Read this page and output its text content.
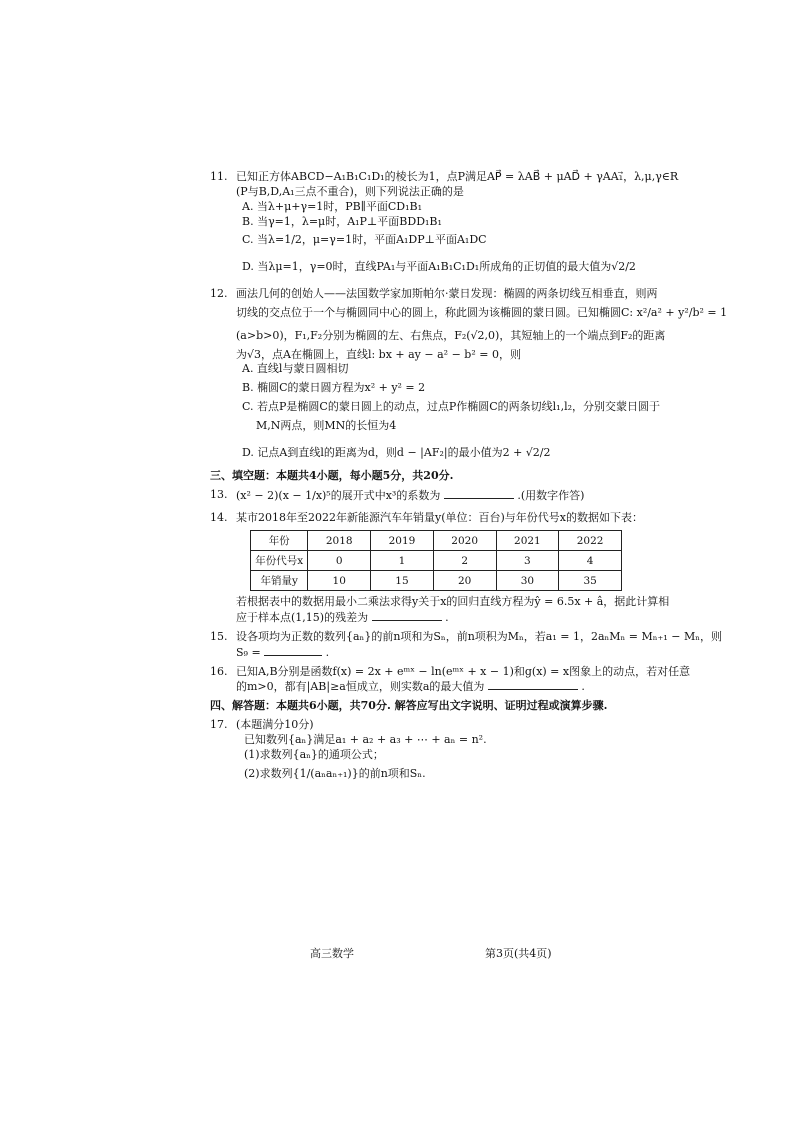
11. 已知正方体ABCD−A₁B₁C₁D₁的棱长为1，点P满足AP⃗ = λAB⃗ + μAD⃗ + γAA₁⃗，λ,μ,γ∈R
(P与B,D,A₁三点不重合)，则下列说法正确的是
A. 当λ+μ+γ=1时，PB∥平面CD₁B₁
B. 当γ=1，λ=μ时，A₁P⊥平面BDD₁B₁
C. 当λ=1/2，μ=γ=1时，平面A₁DP⊥平面A₁DC
D. 当λμ=1，γ=0时，直线PA₁与平面A₁B₁C₁D₁所成角的正切值的最大值为√2/2
12. 画法几何的创始人——法国数学家加斯帕尔·蒙日发现：椭圆的两条切线互相垂直，则两
切线的交点位于一个与椭圆同中心的圆上，称此圆为该椭圆的蒙日圆。已知椭圆C: x²/a² + y²/b² = 1
(a>b>0)，F₁,F₂分别为椭圆的左、右焦点，F₂(√2,0)，其短轴上的一个端点到F₂的距离
为√3，点A在椭圆上，直线l: bx + ay − a² − b² = 0，则
A. 直线l与蒙日圆相切
B. 椭圆C的蒙日圆方程为x² + y² = 2
C. 若点P是椭圆C的蒙日圆上的动点，过点P作椭圆C的两条切线l₁,l₂，分别交蒙日圆于
M,N两点，则MN的长恒为4
D. 记点A到直线l的距离为d，则d − |AF₂|的最小值为2 + √2/2
三、填空题：本题共4小题，每小题5分，共20分.
13. (x² − 2)(x − 1/x)⁵的展开式中x³的系数为	.(用数字作答)
14. 某市2018年至2022年新能源汽车年销量y(单位：百台)与年份代号x的数据如下表：
年份	2018	2019	2020	2021	2022
年份代号x	0	1	2	3	4
年销量y	10	15	20	30	35
若根据表中的数据用最小二乘法求得y关于x的回归直线方程为ŷ = 6.5x + â，据此计算相
应于样本点(1,15)的残差为	.
15. 设各项均为正数的数列{aₙ}的前n项和为Sₙ，前n项积为Mₙ，若a₁ = 1，2aₙMₙ = Mₙ₊₁ − Mₙ，则
S₉ =	.
16. 已知A,B分别是函数f(x) = 2x + eᵐˣ − ln(eᵐˣ + x − 1)和g(x) = x图象上的动点，若对任意
的m>0，都有|AB|≥a恒成立，则实数a的最大值为	.
四、解答题：本题共6小题，共70分. 解答应写出文字说明、证明过程或演算步骤.
17. (本题满分10分)
已知数列{aₙ}满足a₁ + a₂ + a₃ + ⋯ + aₙ = n².
(1)求数列{aₙ}的通项公式；
(2)求数列{1/(aₙaₙ₊₁)}的前n项和Sₙ.
高三数学	第3页(共4页)
